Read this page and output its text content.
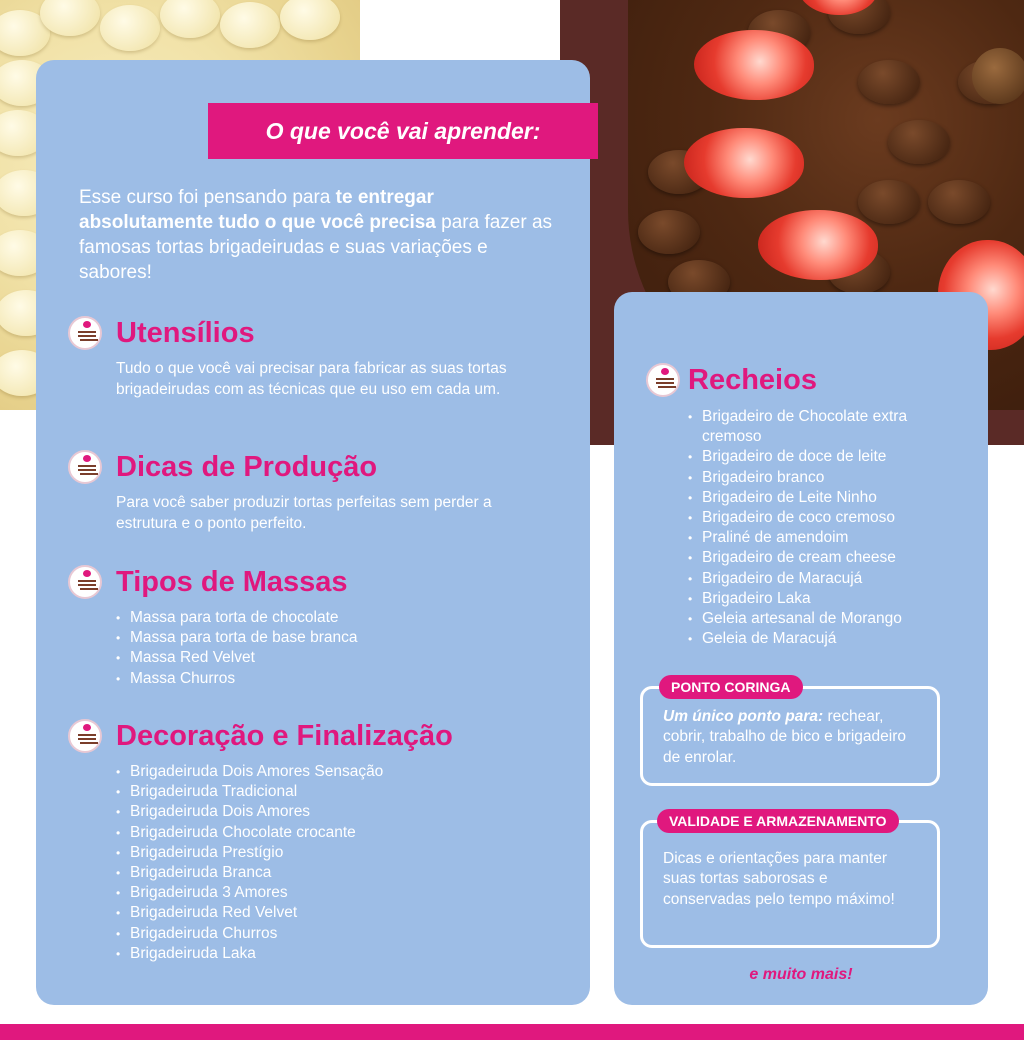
O que você vai aprender:
Esse curso foi pensando para te entregar absolutamente tudo o que você precisa para fazer as famosas tortas brigadeirudas e suas variações e sabores!
Utensílios
Tudo o que você vai precisar para fabricar as suas tortas brigadeirudas com as técnicas que eu uso em cada um.
Dicas de Produção
Para você saber produzir tortas perfeitas sem perder a estrutura e o ponto perfeito.
Tipos de Massas
• Massa para torta de chocolate
• Massa para torta de base branca
• Massa Red Velvet
• Massa Churros
Decoração e Finalização
• Brigadeiruda Dois Amores Sensação
• Brigadeiruda Tradicional
• Brigadeiruda Dois Amores
• Brigadeiruda Chocolate crocante
• Brigadeiruda Prestígio
• Brigadeiruda Branca
• Brigadeiruda 3 Amores
• Brigadeiruda Red Velvet
• Brigadeiruda Churros
• Brigadeiruda Laka
Recheios
• Brigadeiro de Chocolate extra cremoso
• Brigadeiro de doce de leite
• Brigadeiro branco
• Brigadeiro de Leite Ninho
• Brigadeiro de coco cremoso
• Praliné de amendoim
• Brigadeiro de cream cheese
• Brigadeiro de Maracujá
• Brigadeiro Laka
• Geleia artesanal de Morango
• Geleia de Maracujá
PONTO CORINGA
Um único ponto para: rechear, cobrir, trabalho de bico e brigadeiro de enrolar.
VALIDADE E ARMAZENAMENTO
Dicas e orientações para manter suas tortas saborosas e conservadas pelo tempo máximo!
e muito mais!
